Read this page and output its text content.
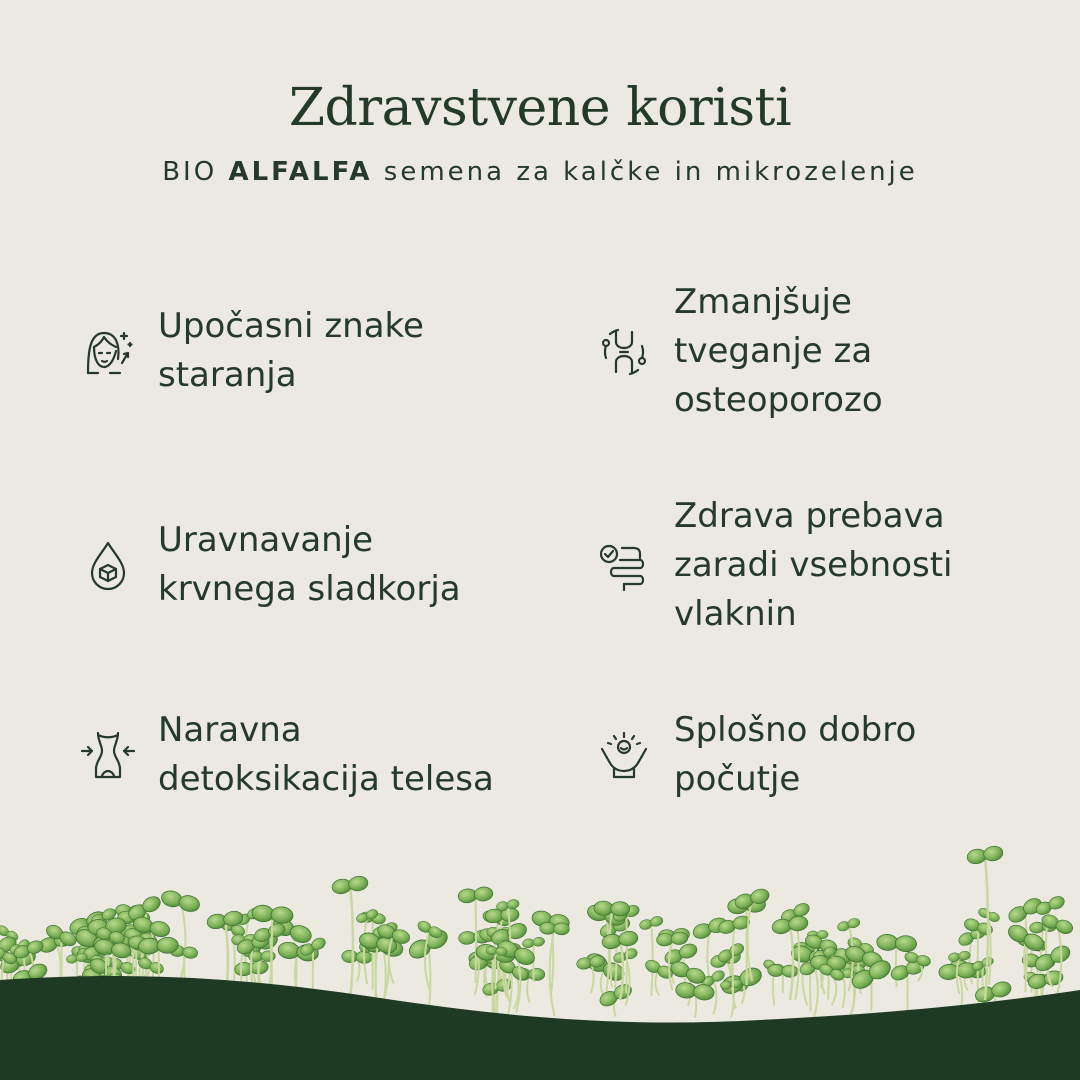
Zdravstvene koristi
BIO ALFALFA semena za kalčke in mikrozelenje
Upočasni znake
staranja
Zmanjšuje
tveganje za
osteoporozo
Uravnavanje
krvnega sladkorja
Zdrava prebava
zaradi vsebnosti
vlaknin
Naravna
detoksikacija telesa
Splošno dobro
počutje
